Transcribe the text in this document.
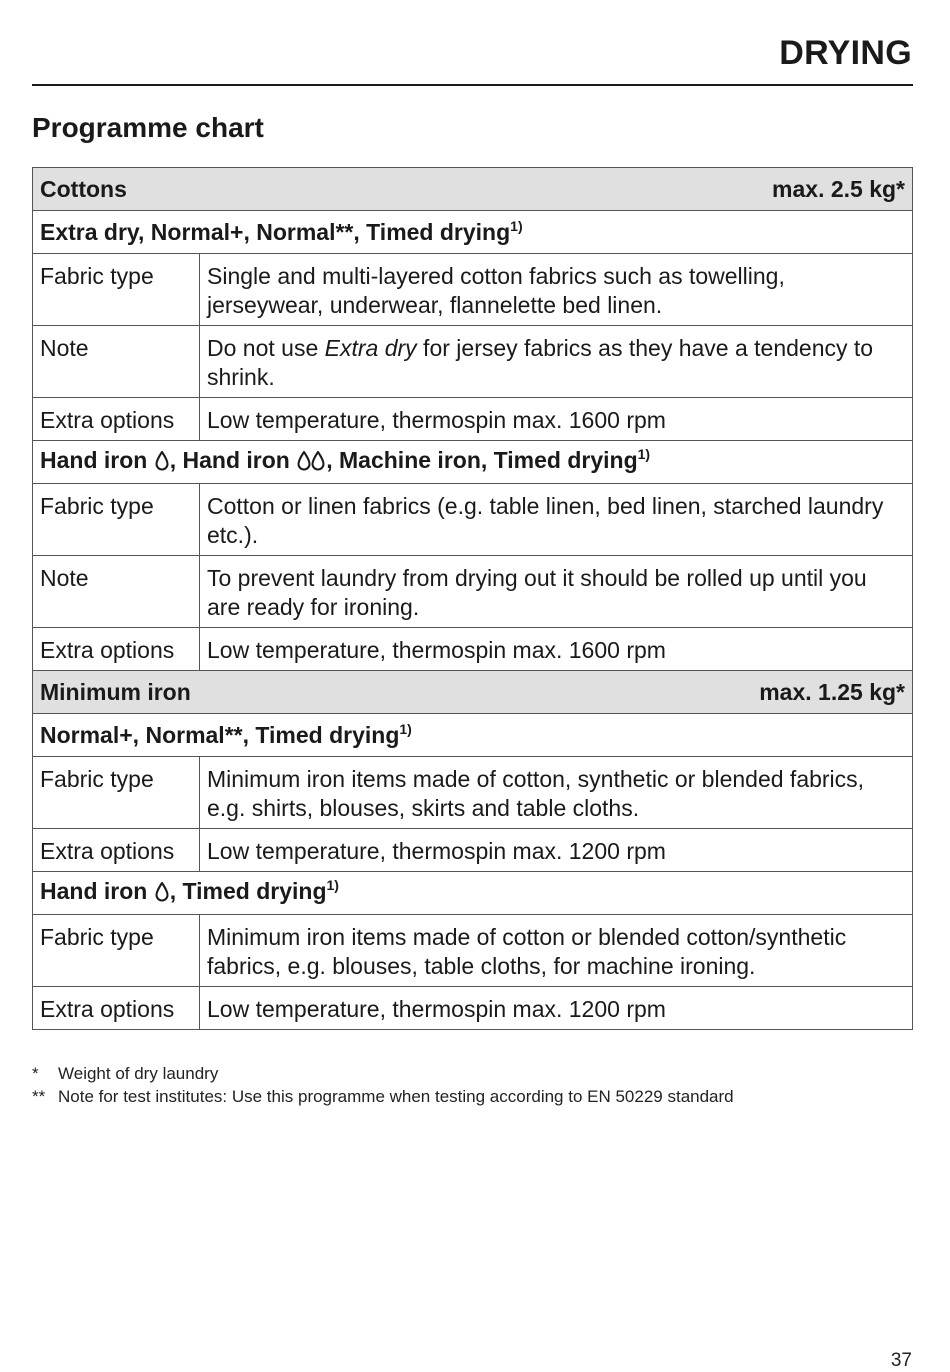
DRYING
Programme chart
Cottons max. 2.5 kg*	

Extra dry, Normal+, Normal**, Timed drying$^{1)}$
Fabric type	Single and multi-layered cotton fabrics such as towelling, jerseywear, underwear, flannelette bed linen.
Note	Do not use Extra dry for jersey fabrics as they have a tendency to shrink.
Extra options	Low temperature, thermospin max. 1600 rpm
Hand iron , Hand iron , Machine iron, Timed drying$^{1)}$
Fabric type	Cotton or linen fabrics (e.g. table linen, bed linen, starched laundry etc.).
Note	To prevent laundry from drying out it should be rolled up until you are ready for ironing.
Extra options	Low temperature, thermospin max. 1600 rpm

Minimum iron max. 1.25 kg*	

Normal+, Normal**, Timed drying$^{1)}$
Fabric type	Minimum iron items made of cotton, synthetic or blended fabrics, e.g. shirts, blouses, skirts and table cloths.
Extra options	Low temperature, thermospin max. 1200 rpm
Hand iron , Timed drying$^{1)}$
Fabric type	Minimum iron items made of cotton or blended cotton/synthetic fabrics, e.g. blouses, table cloths, for machine ironing.
Extra options	Low temperature, thermospin max. 1200 rpm
*	Weight of dry laundry
** Note for test institutes: Use this programme when testing according to EN 50229 standard
37
